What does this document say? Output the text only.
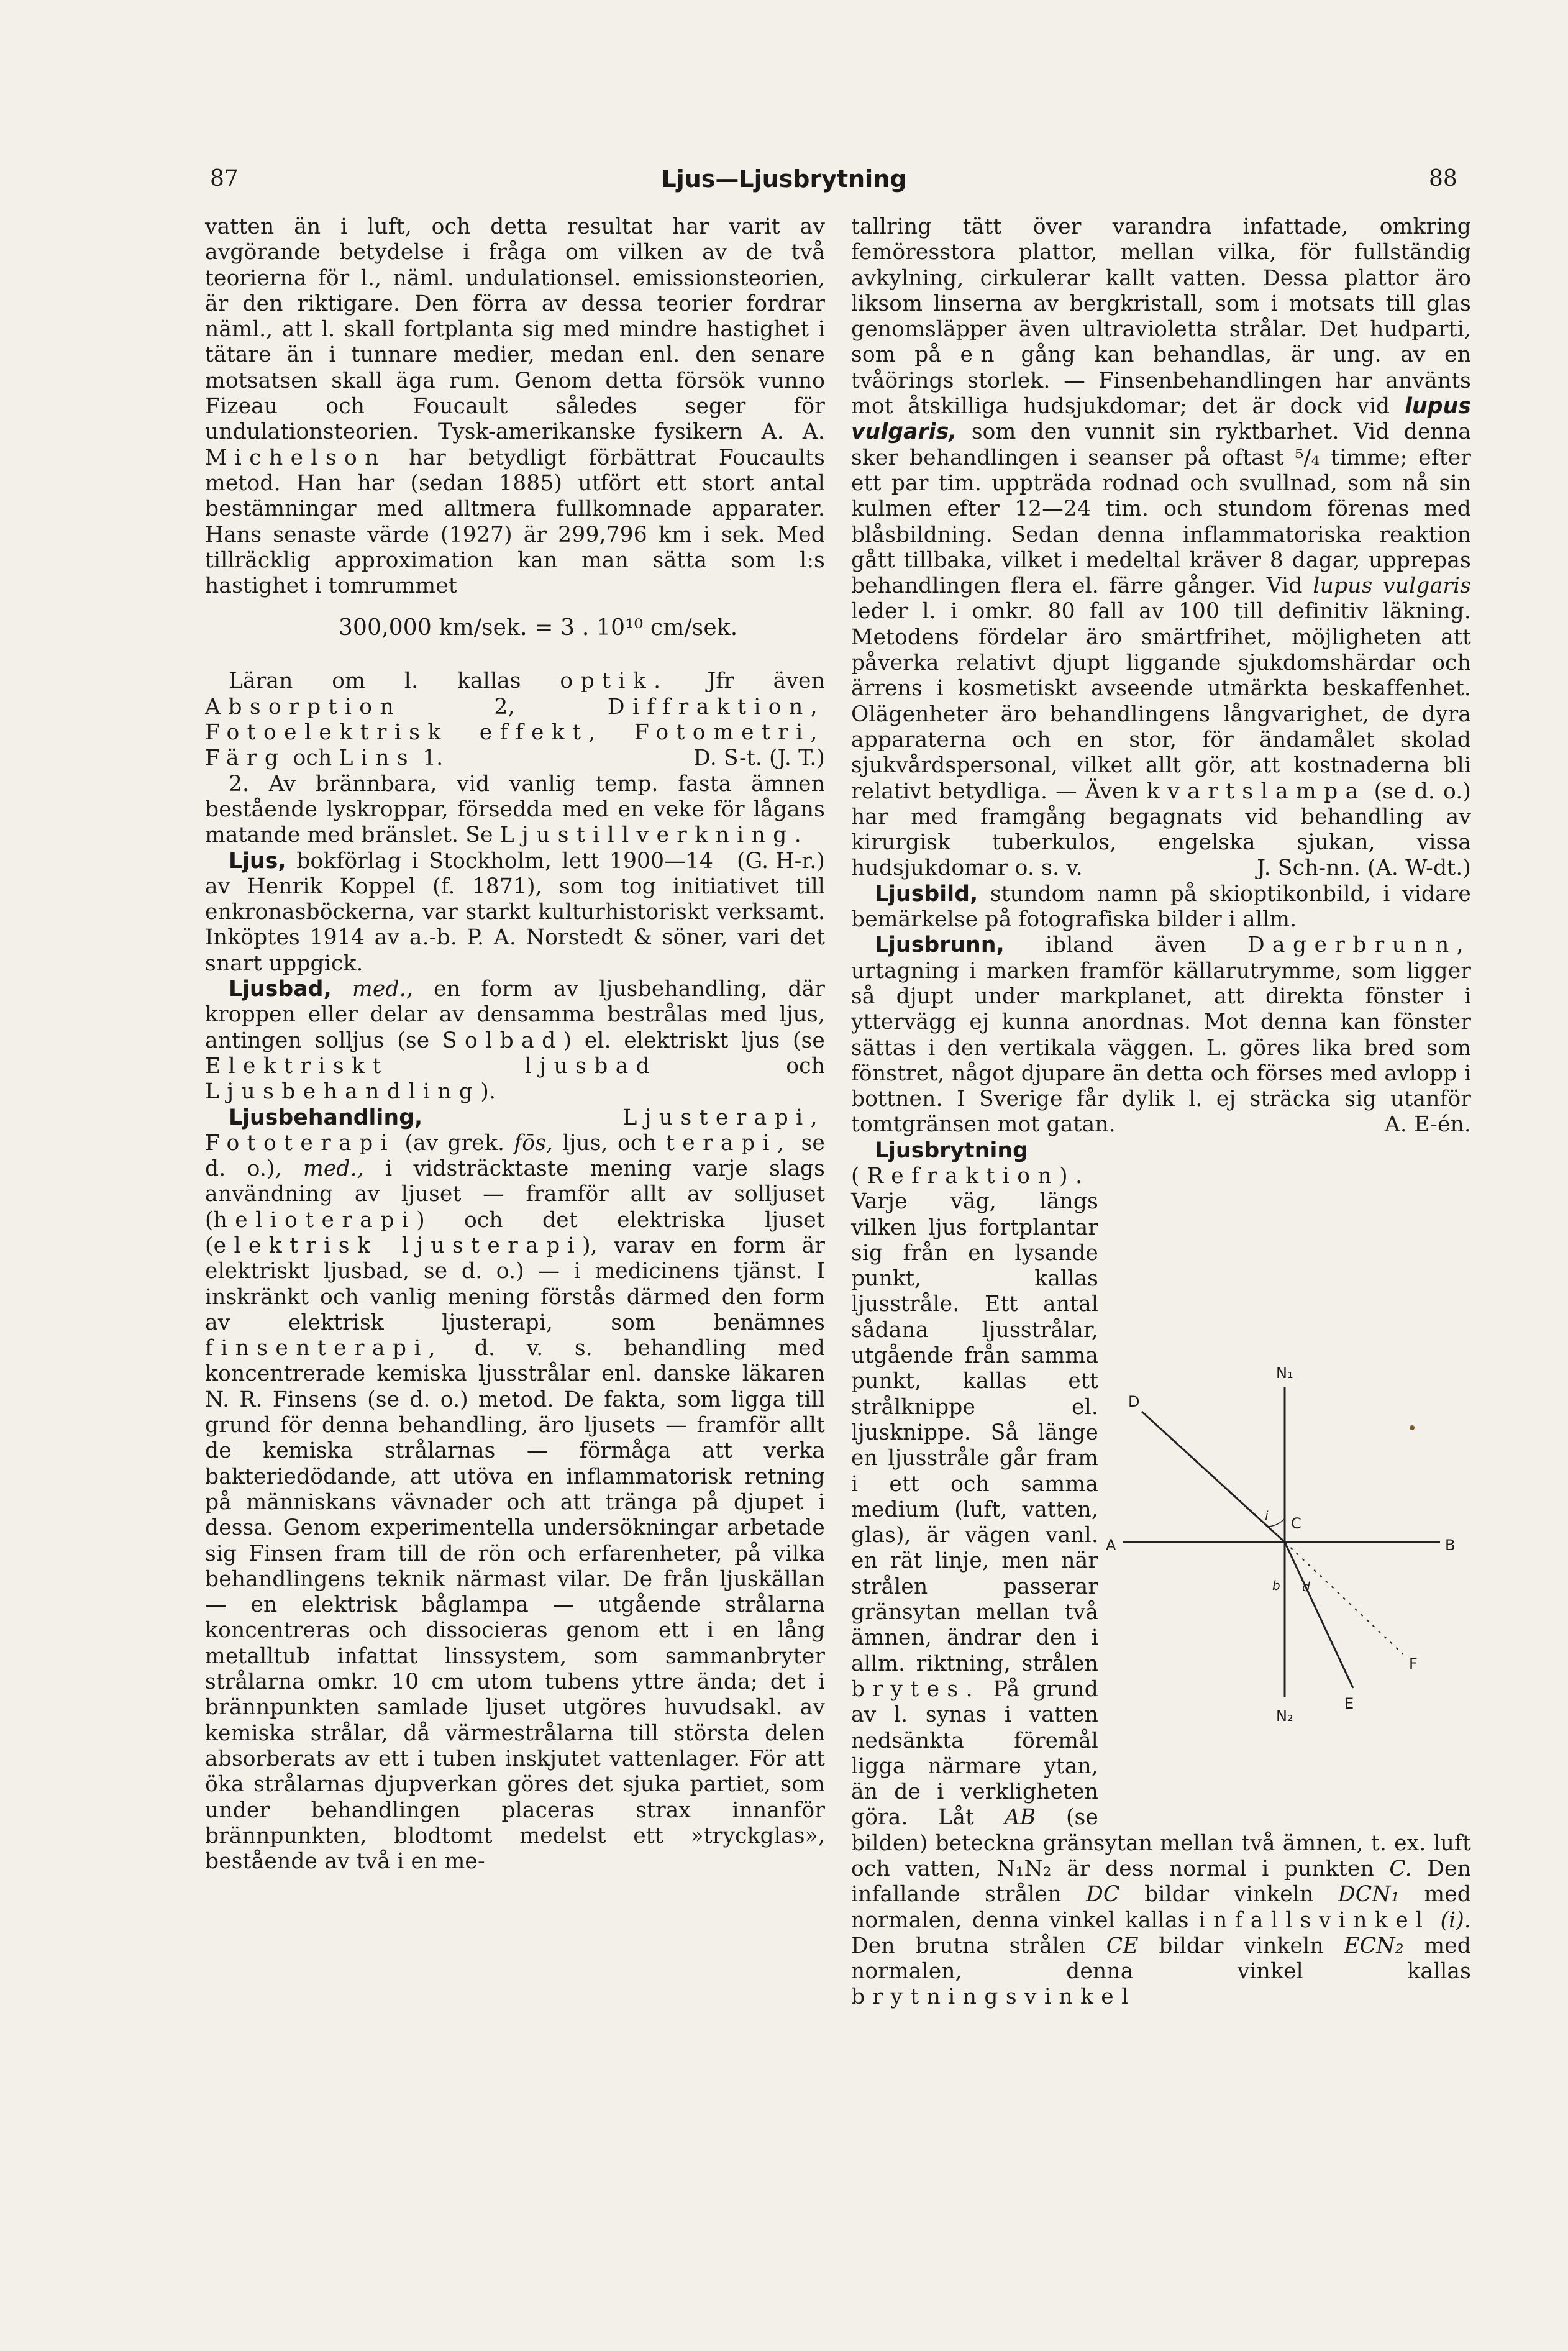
87	Ljus—Ljusbrytning	88

vatten än i luft, och detta resultat har varit av avgörande betydelse i fråga om vilken av de två teorierna för l., näml. undulationsel. emissionsteorien, är den riktigare. Den förra av dessa teorier fordrar näml., att l. skall fortplanta sig med mindre hastighet i tätare än i tunnare medier, medan enl. den senare motsatsen skall äga rum. Genom detta försök vunno Fizeau och Foucault således seger för undulationsteorien. Tysk-amerikanske fysikern A. A. Michelson har betydligt förbättrat Foucaults metod. Han har (sedan 1885) utfört ett stort antal bestämningar med alltmera fullkomnade apparater. Hans senaste värde (1927) är 299,796 km i sek. Med tillräcklig approximation kan man sätta som l:s hastighet i tomrummet

300,000 km/sek. = 3 . 10¹⁰ cm/sek.

Läran om l. kallas optik. Jfr även Absorption	2,	Diffraktion, Fotoelektrisk effekt, Fotometri, Färg och Lins 1.	D. S-t. (J. T.)

2. Av brännbara, vid vanlig temp. fasta ämnen bestående lyskroppar, försedda med en veke för lågans matande med bränslet. Se Ljustillverkning.
(G. H-r.)

Ljus, bokförlag i Stockholm, lett 1900—14 av Henrik Koppel (f. 1871), som tog initiativet till enkronasböckerna, var starkt kulturhistoriskt verksamt. Inköptes 1914 av a.-b. P. A. Norstedt & söner, vari det snart uppgick.

Ljusbad, med., en form av ljusbehandling, där kroppen eller delar av densamma bestrålas med ljus, antingen solljus (se Solbad) el. elektriskt ljus (se Elektriskt ljusbad	och Ljusbehandling).

Ljusbehandling,	Ljusterapi, Fototerapi (av grek. fōs, ljus, och terapi, se d. o.), med., i vidsträcktaste mening varje slags användning av ljuset — framför allt av solljuset (helioterapi) och det elektriska ljuset (elektrisk ljusterapi), varav en form är elektriskt ljusbad, se d. o.) — i medicinens tjänst. I inskränkt och vanlig mening förstås därmed den form av elektrisk ljusterapi, som benämnes finsenterapi, d. v. s. behandling med koncentrerade kemiska ljusstrålar enl. danske läkaren N. R. Finsens (se d. o.) metod. De fakta, som ligga till grund för denna behandling, äro ljusets — framför allt de kemiska strålarnas — förmåga att verka bakteriedödande, att utöva en inflammatorisk retning på människans vävnader och att tränga på djupet i dessa. Genom experimentella undersökningar arbetade sig Finsen fram till de rön och erfarenheter, på vilka behandlingens teknik närmast vilar. De från ljuskällan — en elektrisk båglampa — utgående strålarna koncentreras och dissocieras genom ett i en lång metalltub infattat linssystem, som sammanbryter strålarna omkr. 10 cm utom tubens yttre ända; det i brännpunkten samlade ljuset utgöres huvudsakl. av kemiska strålar, då värmestrålarna till största delen absorberats av ett i tuben inskjutet vattenlager. För att öka strålarnas djupverkan göres det sjuka partiet, som under behandlingen placeras strax innanför brännpunkten, blodtomt medelst ett »tryckglas», bestående av två i en me-

tallring tätt över varandra infattade, omkring femöresstora plattor, mellan vilka, för fullständig avkylning, cirkulerar kallt vatten. Dessa plattor äro liksom linserna av bergkristall, som i motsats till glas genomsläpper även ultravioletta strålar. Det hudparti, som på en gång kan behandlas, är ung. av en tvåörings storlek. — Finsenbehandlingen har använts mot åtskilliga hudsjukdomar; det är dock vid lupus vulgaris, som den vunnit sin ryktbarhet. Vid denna sker behandlingen i seanser på oftast ⁵/₄ timme; efter ett par tim. uppträda rodnad och svullnad, som nå sin kulmen efter 12—24 tim. och stundom förenas med blåsbildning. Sedan denna inflammatoriska reaktion gått tillbaka, vilket i medeltal kräver 8 dagar, upprepas behandlingen flera el. färre gånger. Vid lupus vulgaris leder l. i omkr. 80 fall av 100 till definitiv läkning. Metodens fördelar äro smärtfrihet, möjligheten att påverka relativt djupt liggande sjukdomshärdar och ärrens i kosmetiskt avseende utmärkta beskaffenhet. Olägenheter äro behandlingens långvarighet, de dyra apparaterna och en stor, för ändamålet skolad sjukvårdspersonal, vilket allt gör, att kostnaderna bli relativt betydliga. — Även kvartslampa (se d. o.) har med framgång begagnats vid behandling av kirurgisk tuberkulos, engelska sjukan, vissa hudsjukdomar o. s. v.	J. Sch-nn. (A. W-dt.)

Ljusbild, stundom namn på skioptikonbild, i vidare bemärkelse på fotografiska bilder i allm.

Ljusbrunn, ibland även Dagerbrunn, urtagning i marken framför källarutrymme, som ligger så djupt under markplanet, att direkta fönster i yttervägg ej kunna anordnas. Mot denna kan fönster sättas i den vertikala väggen. L. göres lika bred som fönstret, något djupare än detta och förses med avlopp i bottnen. I Sverige får dylik l. ej sträcka sig utanför tomtgränsen mot gatan.	A. E-én.

N₁
D
A	B
C
i
b d
E
F
N₂

Ljusbrytning (Refraktion). Varje väg, längs vilken ljus fortplantar sig från en lysande punkt, kallas ljusstråle. Ett antal sådana ljusstrålar, utgående från samma punkt, kallas ett strålknippe el. ljusknippe. Så länge en ljusstråle går fram i ett och samma medium (luft, vatten, glas), är vägen vanl. en rät linje, men när strålen passerar gränsytan mellan två ämnen, ändrar den i allm. riktning, strålen brytes. På grund av l. synas i vatten nedsänkta föremål ligga närmare ytan, än de i verkligheten göra. Låt AB (se bilden) beteckna gränsytan mellan två ämnen, t. ex. luft och vatten, N₁N₂ är dess normal i punkten C. Den infallande strålen DC bildar vinkeln DCN₁ med normalen, denna vinkel kallas infallsvinkel (i). Den brutna strålen CE bildar vinkeln ECN₂ med normalen, denna vinkel kallas brytningsvinkel
